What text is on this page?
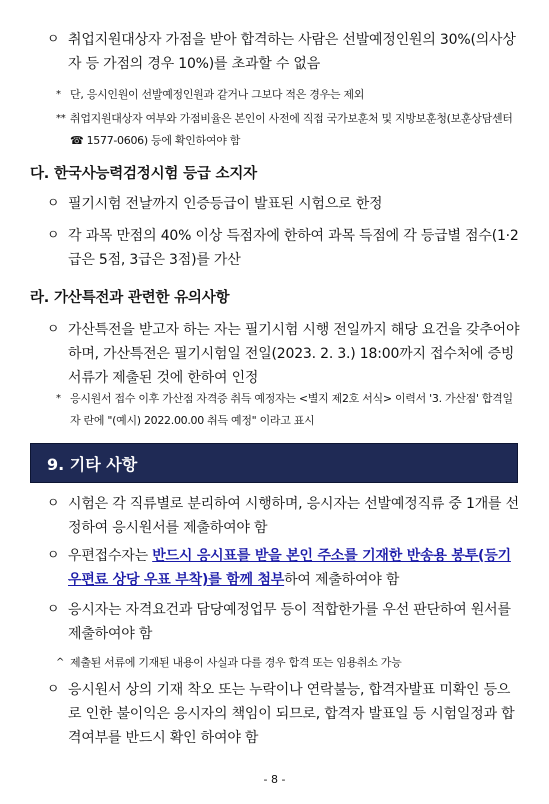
ㅇ 취업지원대상자 가점을 받아 합격하는 사람은 선발예정인원의 30%(의사상자 등 가점의 경우 10%)를 초과할 수 없음
* 단, 응시인원이 선발예정인원과 같거나 그보다 적은 경우는 제외
** 취업지원대상자 여부와 가점비율은 본인이 사전에 직접 국가보훈처 및 지방보훈청(보훈상담센터 ☎ 1577-0606) 등에 확인하여야 함
다. 한국사능력검정시험 등급 소지자
ㅇ 필기시험 전날까지 인증등급이 발표된 시험으로 한정
ㅇ 각 과목 만점의 40% 이상 득점자에 한하여 과목 득점에 각 등급별 점수(1·2급은 5점, 3급은 3점)를 가산
라. 가산특전과 관련한 유의사항
ㅇ 가산특전을 받고자 하는 자는 필기시험 시행 전일까지 해당 요건을 갖추어야 하며, 가산특전은 필기시험일 전일(2023. 2. 3.) 18:00까지 접수처에 증빙서류가 제출된 것에 한하여 인정
* 응시원서 접수 이후 가산점 자격증 취득 예정자는 <별지 제2호 서식> 이력서 '3. 가산점' 합격일자 란에 "(예시) 2022.00.00 취득 예정" 이라고 표시
9. 기타 사항
ㅇ 시험은 각 직류별로 분리하여 시행하며, 응시자는 선발예정직류 중 1개를 선정하여 응시원서를 제출하여야 함
ㅇ 우편접수자는 반드시 응시표를 받을 본인 주소를 기재한 반송용 봉투(등기우편료 상당 우표 부착)를 함께 첨부하여 제출하여야 함
ㅇ 응시자는 자격요건과 담당예정업무 등이 적합한가를 우선 판단하여 원서를 제출하여야 함
^ 제출된 서류에 기재된 내용이 사실과 다를 경우 합격 또는 임용취소 가능
ㅇ 응시원서 상의 기재 착오 또는 누락이나 연락불능, 합격자발표 미확인 등으로 인한 불이익은 응시자의 책임이 되므로, 합격자 발표일 등 시험일정과 합격여부를 반드시 확인 하여야 함
- 8 -
